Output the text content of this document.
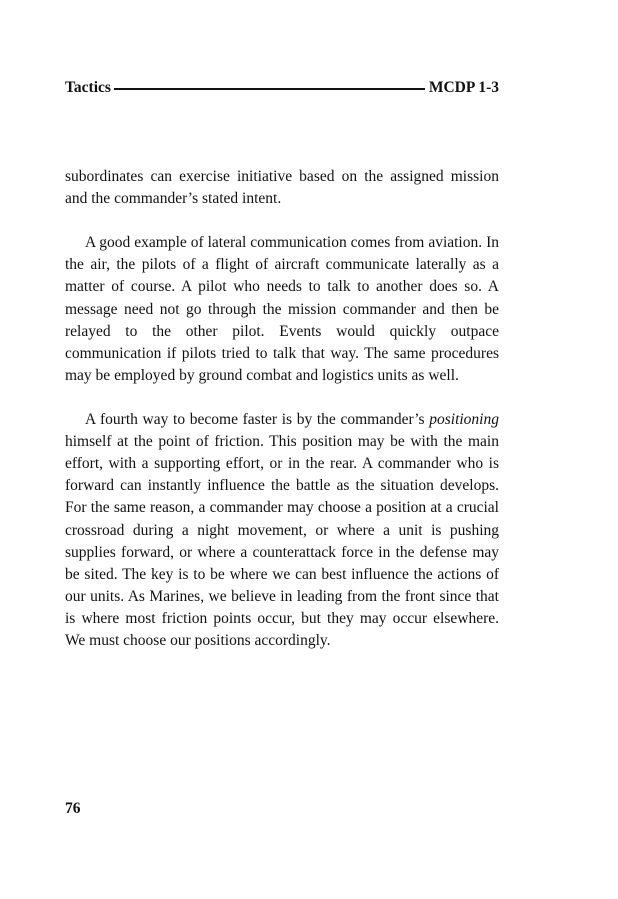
Tactics	MCDP 1-3

subordinates can exercise initiative based on the assigned mission and the commander’s stated intent.

A good example of lateral communication comes from aviation. In the air, the pilots of a flight of aircraft communicate laterally as a matter of course. A pilot who needs to talk to another does so. A message need not go through the mission commander and then be relayed to the other pilot. Events would quickly outpace communication if pilots tried to talk that way. The same procedures may be employed by ground combat and logistics units as well.

A fourth way to become faster is by the commander’s positioning himself at the point of friction. This position may be with the main effort, with a supporting effort, or in the rear. A commander who is forward can instantly influence the battle as the situation develops. For the same reason, a commander may choose a position at a crucial crossroad during a night movement, or where a unit is pushing supplies forward, or where a counterattack force in the defense may be sited. The key is to be where we can best influence the actions of our units. As Marines, we believe in leading from the front since that is where most friction points occur, but they may occur elsewhere. We must choose our positions accordingly.

76
